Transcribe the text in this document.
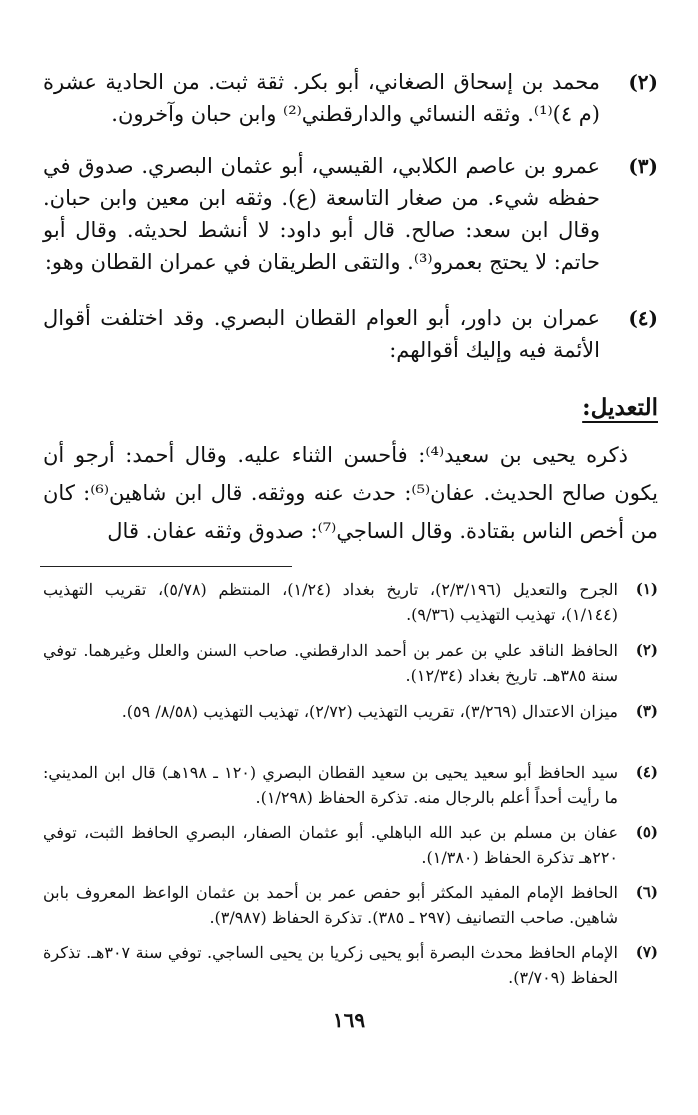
(٢)
محمد بن إسحاق الصغاني، أبو بكر. ثقة ثبت. من الحادية عشرة (م ٤)⁽¹⁾. وثقه النسائي والدارقطني⁽²⁾ وابن حبان وآخرون.
(٣)
عمرو بن عاصم الكلابي، القيسي، أبو عثمان البصري. صدوق في حفظه شيء. من صغار التاسعة (ع). وثقه ابن معين وابن حبان. وقال ابن سعد: صالح. قال أبو داود: لا أنشط لحديثه. وقال أبو حاتم: لا يحتج بعمرو⁽³⁾. والتقى الطريقان في عمران القطان وهو:
(٤)
عمران بن داور، أبو العوام القطان البصري. وقد اختلفت أقوال الأئمة فيه وإليك أقوالهم:
التعديل:
ذكره يحيى بن سعيد⁽⁴⁾: فأحسن الثناء عليه. وقال أحمد: أرجو أن يكون صالح الحديث. عفان⁽⁵⁾: حدث عنه ووثقه. قال ابن شاهين⁽⁶⁾: كان من أخص الناس بقتادة. وقال الساجي⁽⁷⁾: صدوق وثقه عفان. قال
(١)
الجرح والتعديل (٢/٣/١٩٦)، تاريخ بغداد (١/٢٤)، المنتظم (٥/٧٨)، تقريب التهذيب (١/١٤٤)، تهذيب التهذيب (٩/٣٦).
(٢)
الحافظ الناقد علي بن عمر بن أحمد الدارقطني. صاحب السنن والعلل وغيرهما. توفي سنة ٣٨٥هـ. تاريخ بغداد (١٢/٣٤).
(٣)
ميزان الاعتدال (٣/٢٦٩)، تقريب التهذيب (٢/٧٢)، تهذيب التهذيب (٨/٥٨/ ٥٩).
(٤)
سيد الحافظ أبو سعيد يحيى بن سعيد القطان البصري (١٢٠ ـ ١٩٨هـ) قال ابن المديني: ما رأيت أحداً أعلم بالرجال منه. تذكرة الحفاظ (١/٢٩٨).
(٥)
عفان بن مسلم بن عبد الله الباهلي. أبو عثمان الصفار، البصري الحافظ الثبت، توفي ٢٢٠هـ تذكرة الحفاظ (١/٣٨٠).
(٦)
الحافظ الإمام المفيد المكثر أبو حفص عمر بن أحمد بن عثمان الواعظ المعروف بابن شاهين. صاحب التصانيف (٢٩٧ ـ ٣٨٥). تذكرة الحفاظ (٣/٩٨٧).
(٧)
الإمام الحافظ محدث البصرة أبو يحيى زكريا بن يحيى الساجي. توفي سنة ٣٠٧هـ. تذكرة الحفاظ (٣/٧٠٩).
١٦٩
